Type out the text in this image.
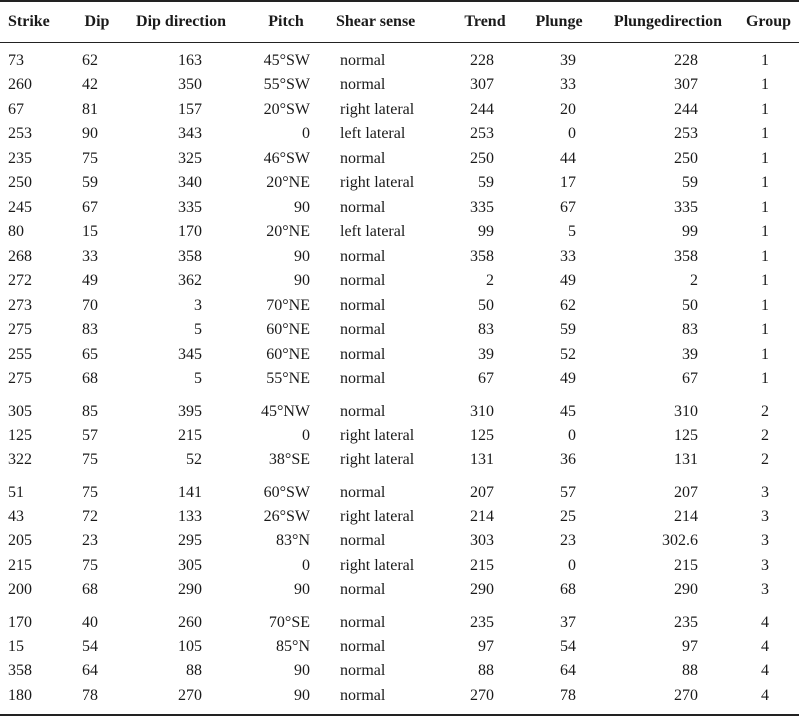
Strike	Dip	Dip direction	Pitch	Shear sense	Trend	Plunge	Plungedirection	Group
73	62	163	45°SW	normal	228	39	228	1
260	42	350	55°SW	normal	307	33	307	1
67	81	157	20°SW	right lateral	244	20	244	1
253	90	343	0	left lateral	253	0	253	1
235	75	325	46°SW	normal	250	44	250	1
250	59	340	20°NE	right lateral	59	17	59	1
245	67	335	90	normal	335	67	335	1
80	15	170	20°NE	left lateral	99	5	99	1
268	33	358	90	normal	358	33	358	1
272	49	362	90	normal	2	49	2	1
273	70	3	70°NE	normal	50	62	50	1
275	83	5	60°NE	normal	83	59	83	1
255	65	345	60°NE	normal	39	52	39	1
275	68	5	55°NE	normal	67	49	67	1
305	85	395	45°NW	normal	310	45	310	2
125	57	215	0	right lateral	125	0	125	2
322	75	52	38°SE	right lateral	131	36	131	2
51	75	141	60°SW	normal	207	57	207	3
43	72	133	26°SW	right lateral	214	25	214	3
205	23	295	83°N	normal	303	23	302.6	3
215	75	305	0	right lateral	215	0	215	3
200	68	290	90	normal	290	68	290	3
170	40	260	70°SE	normal	235	37	235	4
15	54	105	85°N	normal	97	54	97	4
358	64	88	90	normal	88	64	88	4
180	78	270	90	normal	270	78	270	4
